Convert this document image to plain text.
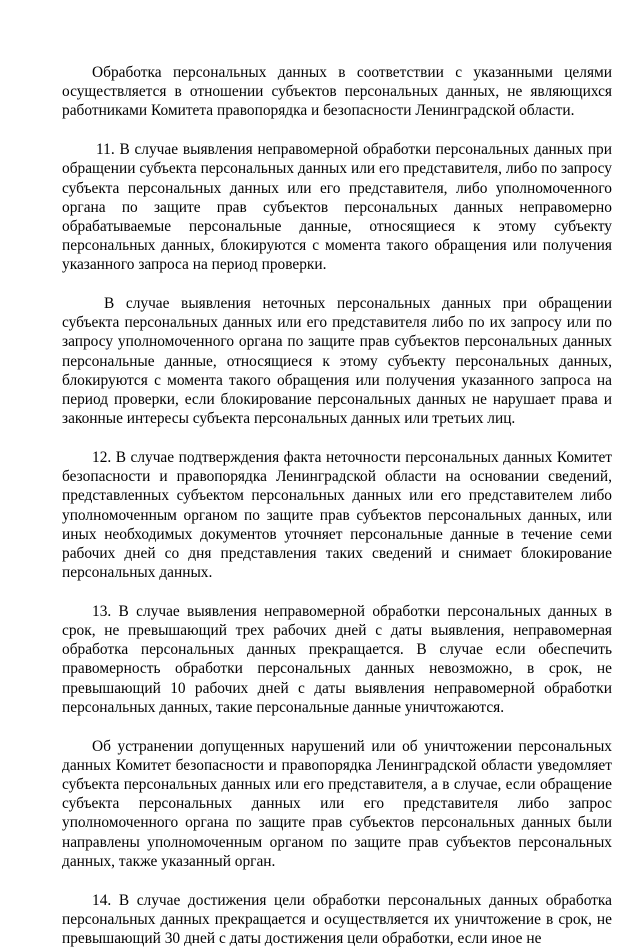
Обработка персональных данных в соответствии с указанными целями осуществляется в отношении субъектов персональных данных, не являющихся работниками Комитета правопорядка и безопасности Ленинградской области.

11. В случае выявления неправомерной обработки персональных данных при обращении субъекта персональных данных или его представителя, либо по запросу субъекта персональных данных или его представителя, либо уполномоченного органа по защите прав субъектов персональных данных неправомерно обрабатываемые персональные данные, относящиеся к этому субъекту персональных данных, блокируются с момента такого обращения или получения указанного запроса на период проверки.

В случае выявления неточных персональных данных при обращении субъекта персональных данных или его представителя либо по их запросу или по запросу уполномоченного органа по защите прав субъектов персональных данных персональные данные, относящиеся к этому субъекту персональных данных, блокируются с момента такого обращения или получения указанного запроса на период проверки, если блокирование персональных данных не нарушает права и законные интересы субъекта персональных данных или третьих лиц.

12. В случае подтверждения факта неточности персональных данных Комитет безопасности и правопорядка Ленинградской области на основании сведений, представленных субъектом персональных данных или его представителем либо уполномоченным органом по защите прав субъектов персональных данных, или иных необходимых документов уточняет персональные данные в течение семи рабочих дней со дня представления таких сведений и снимает блокирование персональных данных.

13. В случае выявления неправомерной обработки персональных данных в срок, не превышающий трех рабочих дней с даты выявления, неправомерная обработка персональных данных прекращается. В случае если обеспечить правомерность обработки персональных данных невозможно, в срок, не превышающий 10 рабочих дней с даты выявления неправомерной обработки персональных данных, такие персональные данные уничтожаются.

Об устранении допущенных нарушений или об уничтожении персональных данных Комитет безопасности и правопорядка Ленинградской области уведомляет субъекта персональных данных или его представителя, а в случае, если обращение субъекта персональных данных или его представителя либо запрос уполномоченного органа по защите прав субъектов персональных данных были направлены уполномоченным органом по защите прав субъектов персональных данных, также указанный орган.

14. В случае достижения цели обработки персональных данных обработка персональных данных прекращается и осуществляется их уничтожение в срок, не превышающий 30 дней с даты достижения цели обработки, если иное не
